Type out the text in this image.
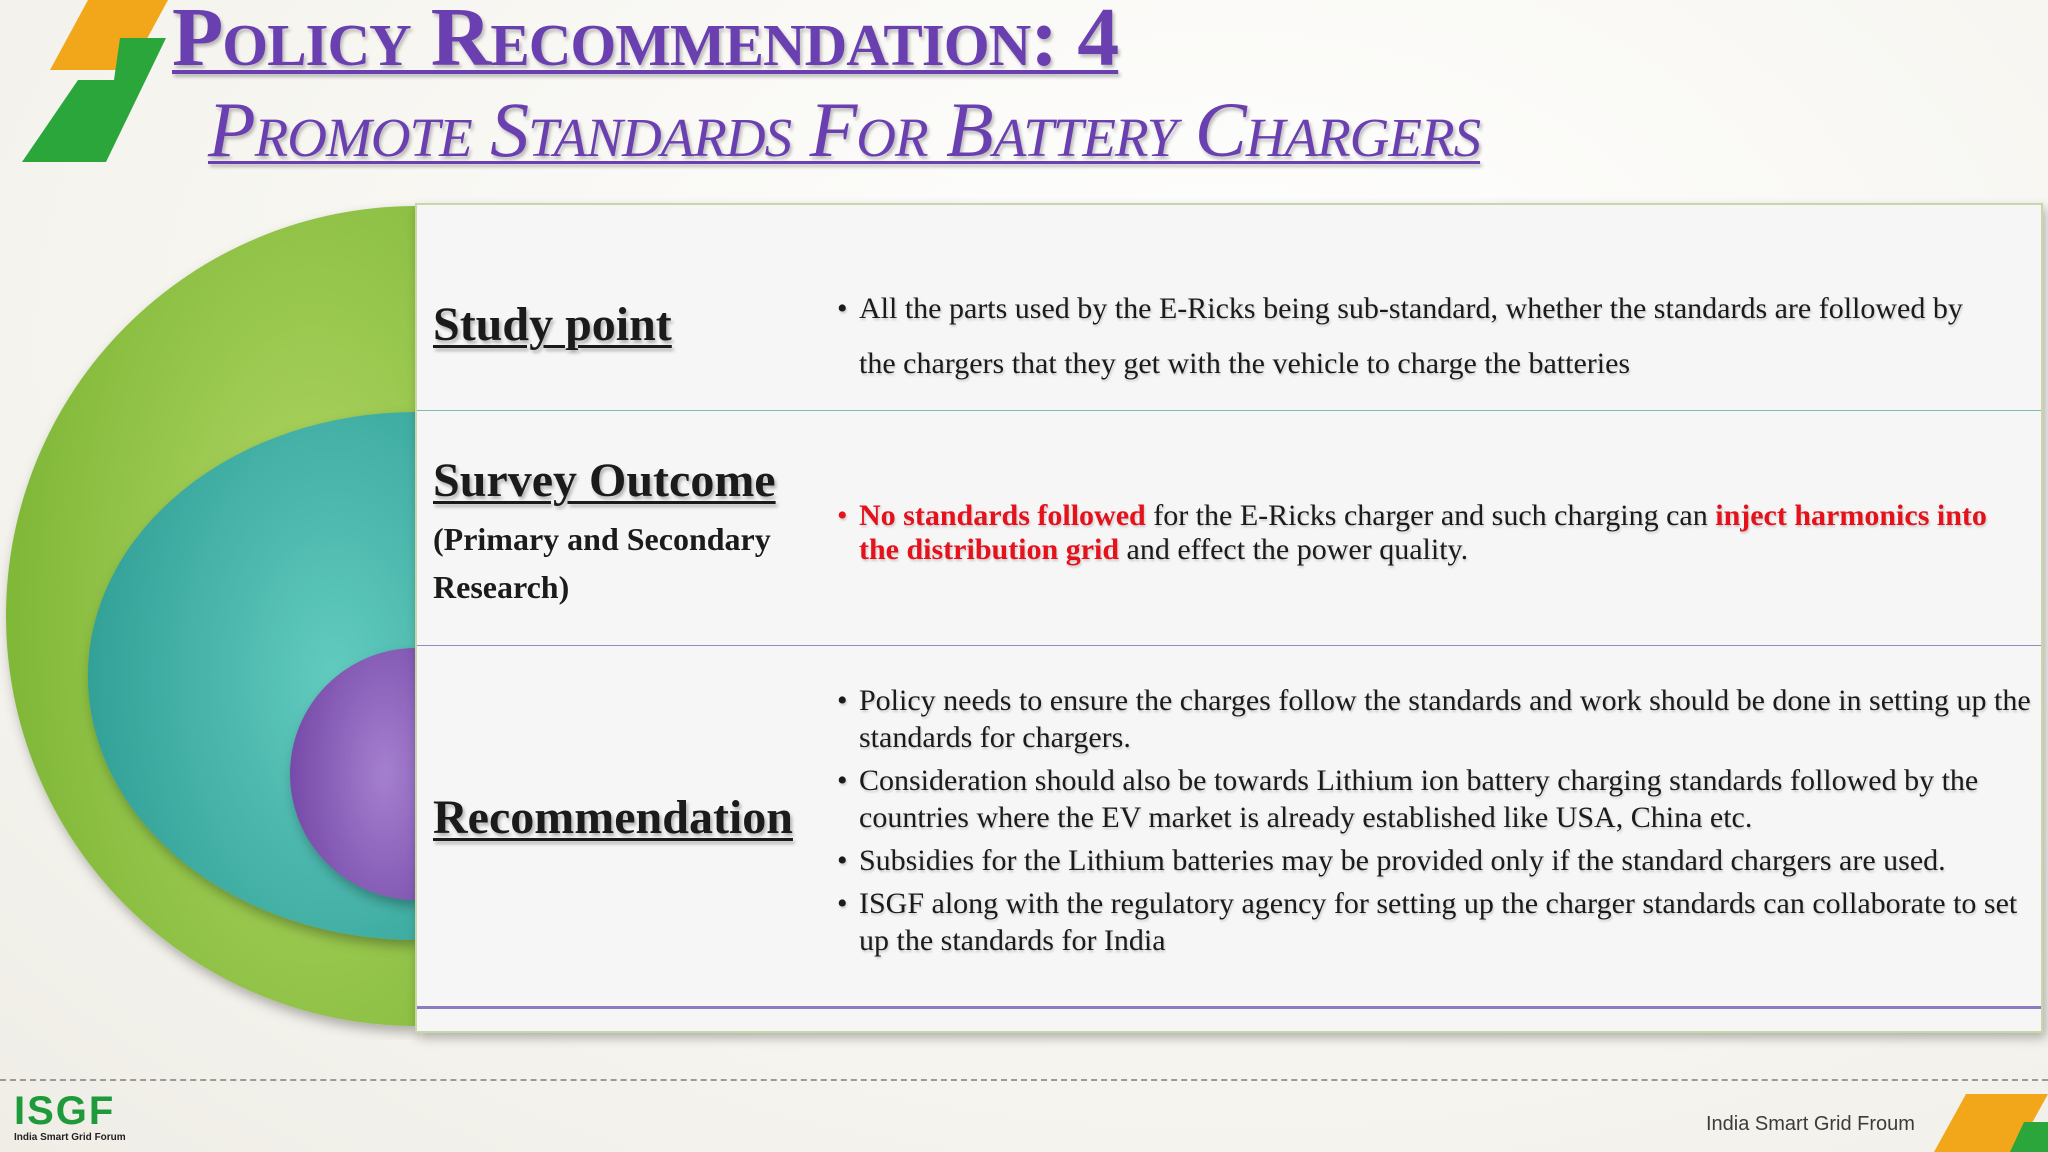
Policy Recommendation: 4
Promote Standards For Battery Chargers
Study point
•	All the parts used by the E-Ricks being sub-standard, whether the standards are followed by the chargers that they get with the vehicle to charge the batteries
Survey Outcome

(Primary and Secondary Research)

• No standards followed for the E-Ricks charger and such charging can inject harmonics into the distribution grid and effect the power quality.
Recommendation
• Policy needs to ensure the charges follow the standards and work should be done in setting up the standards for chargers.
• Consideration should also be towards Lithium ion battery charging standards followed by the countries where the EV market is already established like USA, China etc.
• Subsidies for the Lithium batteries may be provided only if the standard chargers are used.
• ISGF along with the regulatory agency for setting up the charger standards can collaborate to set up the standards for India
ISGF
India Smart Grid Forum
India Smart Grid Froum
